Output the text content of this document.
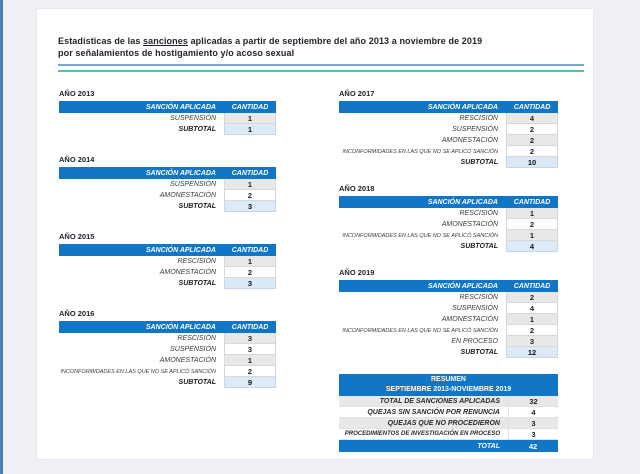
Estadísticas de las sanciones aplicadas a partir de septiembre del año 2013 a noviembre de 2019
por señalamientos de hostigamiento y/o acoso sexual
AÑO 2013
SANCIÓN APLICADA	CANTIDAD
SUSPENSIÓN	1
SUBTOTAL	1
AÑO 2014
SANCIÓN APLICADA	CANTIDAD
SUSPENSIÓN	1
AMONESTACIÓN	2
SUBTOTAL	3
AÑO 2015
SANCIÓN APLICADA	CANTIDAD
RESCISIÓN	1
AMONESTACIÓN	2
SUBTOTAL	3
AÑO 2016
SANCIÓN APLICADA	CANTIDAD
RESCISIÓN	3
SUSPENSIÓN	3
AMONESTACIÓN	1
INCONFORMIDADES EN LAS QUE NO SE APLICÓ SANCIÓN	2
SUBTOTAL	9
AÑO 2017
SANCIÓN APLICADA	CANTIDAD
RESCISIÓN	4
SUSPENSIÓN	2
AMONESTACIÓN	2
INCONFORMIDADES EN LAS QUE NO SE APLICÓ SANCIÓN	2
SUBTOTAL	10
AÑO 2018
SANCIÓN APLICADA	CANTIDAD
RESCISIÓN	1
AMONESTACIÓN	2
INCONFORMIDADES EN LAS QUE NO SE APLICÓ SANCIÓN	1
SUBTOTAL	4
AÑO 2019
SANCIÓN APLICADA	CANTIDAD
RESCISIÓN	2
SUSPENSIÓN	4
AMONESTACIÓN	1
INCONFORMIDADES EN LAS QUE NO SE APLICÓ SANCIÓN	2
EN PROCESO	3
SUBTOTAL	12
RESUMEN
SEPTIEMBRE 2013-NOVIEMBRE 2019
TOTAL DE SANCIONES APLICADAS	32
QUEJAS SIN SANCIÓN POR RENUNCIA	4
QUEJAS QUE NO PROCEDIERON	3
PROCEDIMIENTOS DE INVESTIGACIÓN EN PROCESO	3
TOTAL	42
